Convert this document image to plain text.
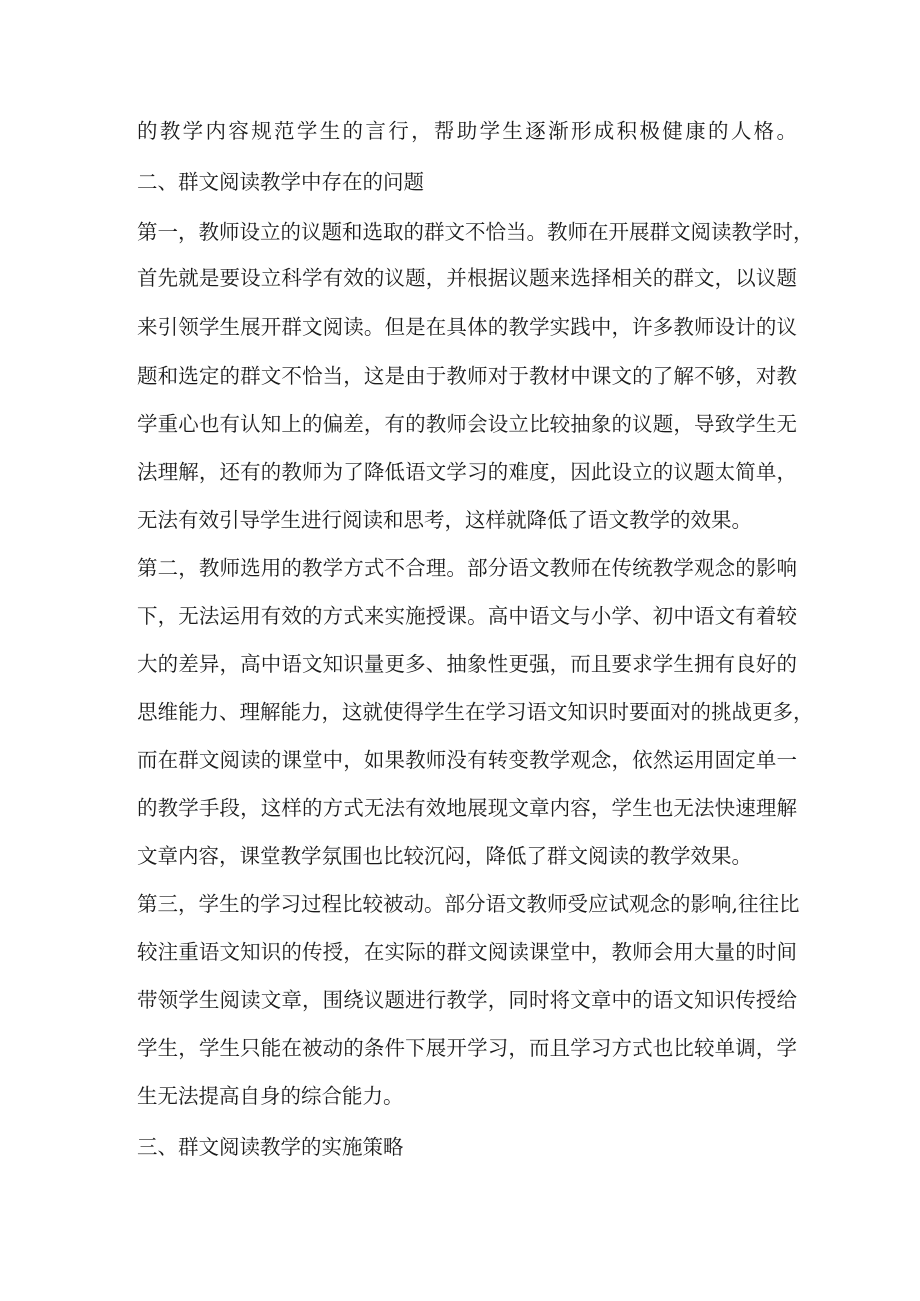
的教学内容规范学生的言行，帮助学生逐渐形成积极健康的人格。
二、群文阅读教学中存在的问题
第一，教师设立的议题和选取的群文不恰当。教师在开展群文阅读教学时，
首先就是要设立科学有效的议题，并根据议题来选择相关的群文，以议题
来引领学生展开群文阅读。但是在具体的教学实践中，许多教师设计的议
题和选定的群文不恰当，这是由于教师对于教材中课文的了解不够，对教
学重心也有认知上的偏差，有的教师会设立比较抽象的议题，导致学生无
法理解，还有的教师为了降低语文学习的难度，因此设立的议题太简单，
无法有效引导学生进行阅读和思考，这样就降低了语文教学的效果。
第二，教师选用的教学方式不合理。部分语文教师在传统教学观念的影响
下，无法运用有效的方式来实施授课。高中语文与小学、初中语文有着较
大的差异，高中语文知识量更多、抽象性更强，而且要求学生拥有良好的
思维能力、理解能力，这就使得学生在学习语文知识时要面对的挑战更多，
而在群文阅读的课堂中，如果教师没有转变教学观念，依然运用固定单一
的教学手段，这样的方式无法有效地展现文章内容，学生也无法快速理解
文章内容，课堂教学氛围也比较沉闷，降低了群文阅读的教学效果。
第三，学生的学习过程比较被动。部分语文教师受应试观念的影响,往往比
较注重语文知识的传授，在实际的群文阅读课堂中，教师会用大量的时间
带领学生阅读文章，围绕议题进行教学，同时将文章中的语文知识传授给
学生，学生只能在被动的条件下展开学习，而且学习方式也比较单调，学
生无法提高自身的综合能力。
三、群文阅读教学的实施策略
